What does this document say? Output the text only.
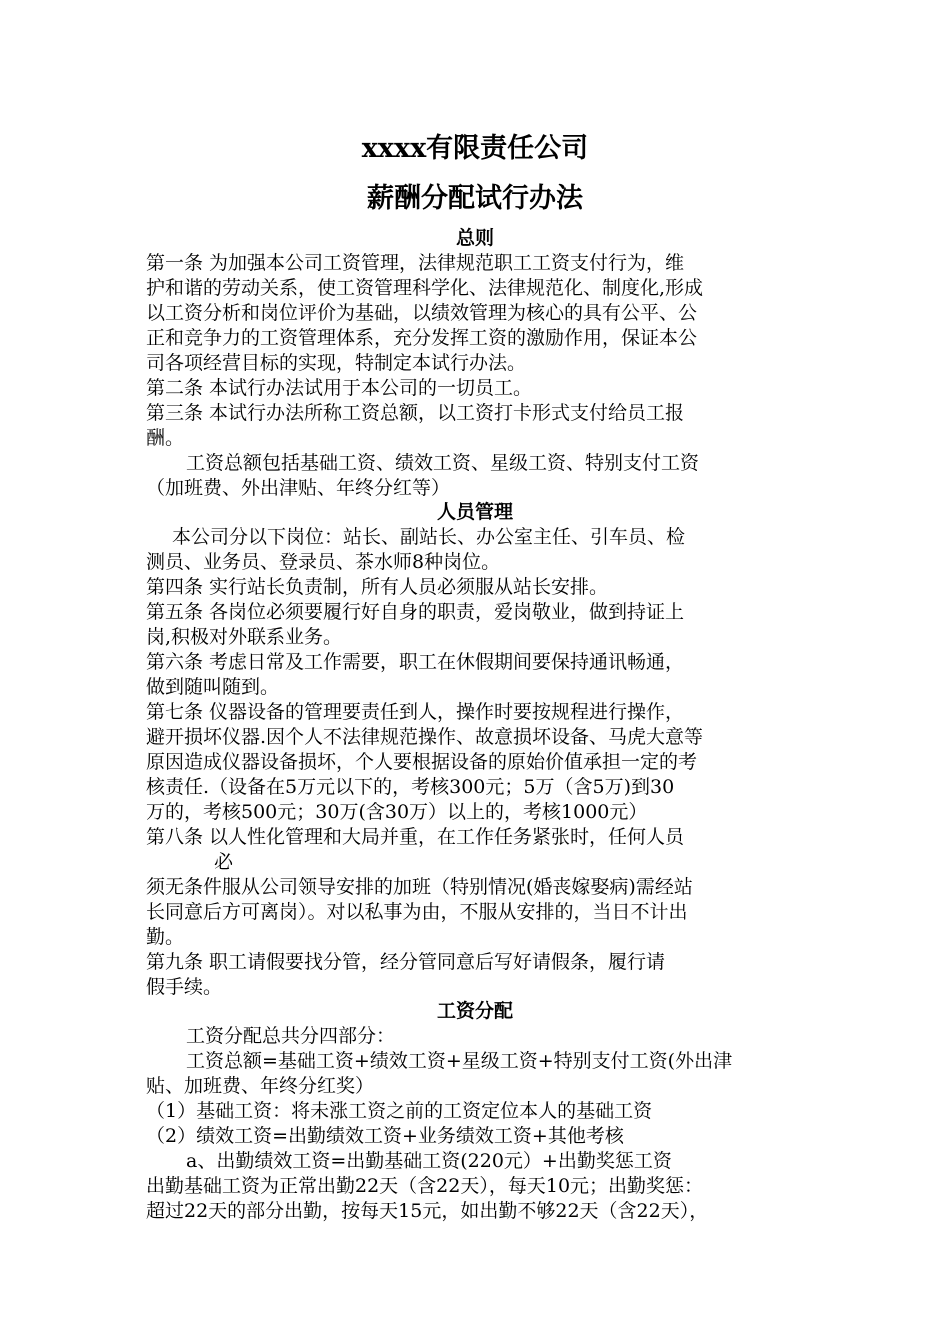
xxxx有限责任公司
薪酬分配试行办法
总则
第一条 为加强本公司工资管理，法律规范职工工资支付行为，维
护和谐的劳动关系，使工资管理科学化、法律规范化、制度化,形成
以工资分析和岗位评价为基础，以绩效管理为核心的具有公平、公
正和竞争力的工资管理体系，充分发挥工资的激励作用，保证本公
司各项经营目标的实现，特制定本试行办法。
第二条 本试行办法试用于本公司的一切员工。
第三条 本试行办法所称工资总额，以工资打卡形式支付给员工报
酬。
工资总额包括基础工资、绩效工资、星级工资、特别支付工资
（加班费、外出津贴、年终分红等）
人员管理
本公司分以下岗位：站长、副站长、办公室主任、引车员、检
测员、业务员、登录员、茶水师8种岗位。
第四条 实行站长负责制，所有人员必须服从站长安排。
第五条 各岗位必须要履行好自身的职责，爱岗敬业，做到持证上
岗,积极对外联系业务。
第六条 考虑日常及工作需要，职工在休假期间要保持通讯畅通，
做到随叫随到。
第七条 仪器设备的管理要责任到人，操作时要按规程进行操作，
避开损坏仪器.因个人不法律规范操作、故意损坏设备、马虎大意等
原因造成仪器设备损坏，个人要根据设备的原始价值承担一定的考
核责任.（设备在5万元以下的，考核300元；5万（含5万)到30
万的，考核500元；30万(含30万）以上的，考核1000元）
第八条 以人性化管理和大局并重，在工作任务紧张时，任何人员
必
须无条件服从公司领导安排的加班（特别情况(婚丧嫁娶病)需经站
长同意后方可离岗）。对以私事为由，不服从安排的，当日不计出
勤。
第九条 职工请假要找分管，经分管同意后写好请假条，履行请
假手续。
工资分配
工资分配总共分四部分：
工资总额=基础工资+绩效工资+星级工资+特别支付工资(外出津
贴、加班费、年终分红奖）
（1）基础工资：将未涨工资之前的工资定位本人的基础工资
（2）绩效工资=出勤绩效工资+业务绩效工资+其他考核
a、出勤绩效工资=出勤基础工资(220元）+出勤奖惩工资
出勤基础工资为正常出勤22天（含22天），每天10元；出勤奖惩：
超过22天的部分出勤，按每天15元，如出勤不够22天（含22天），
